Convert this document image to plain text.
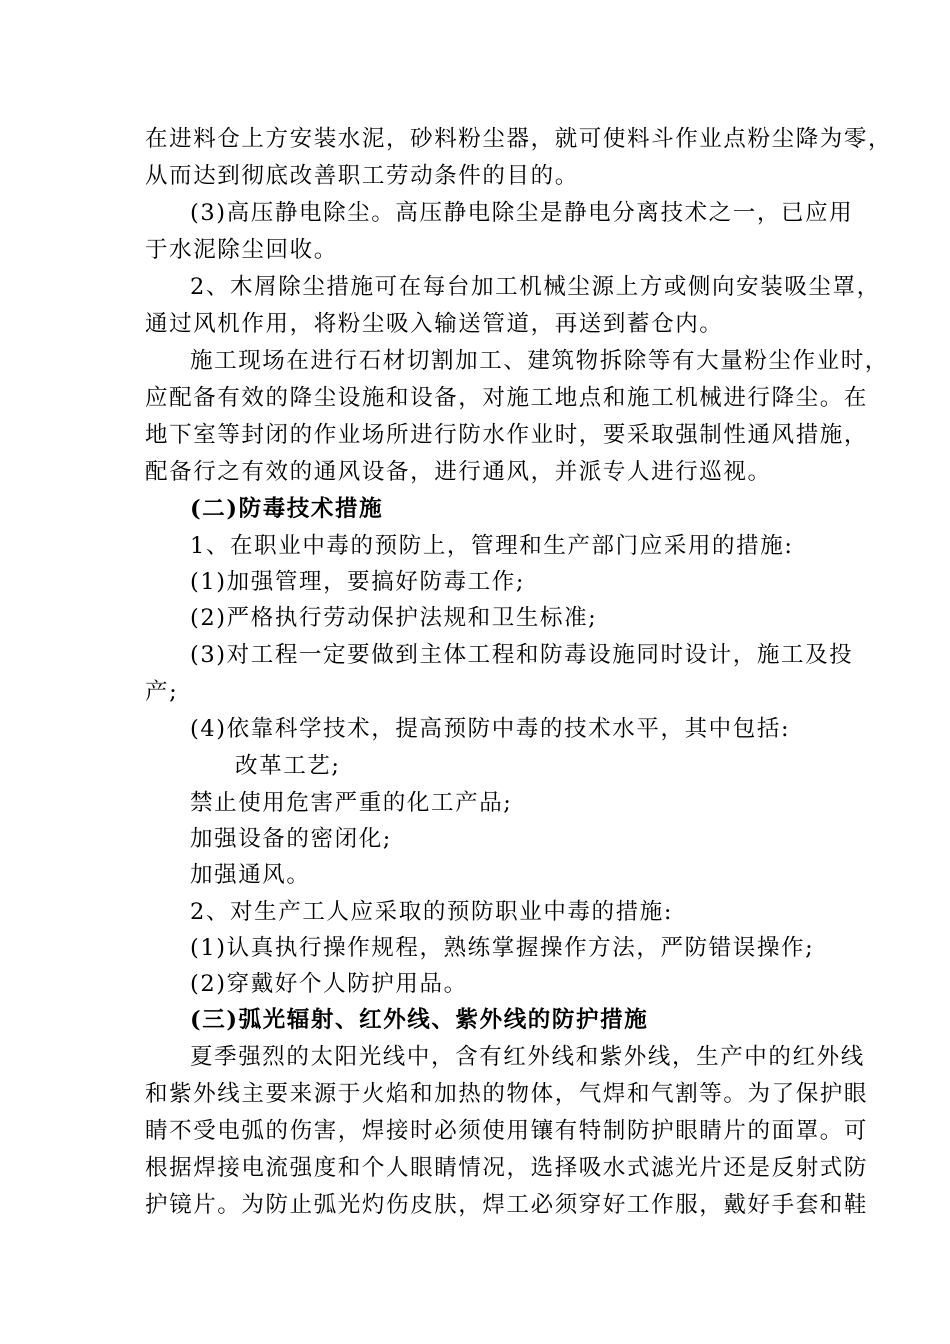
在进料仓上方安装水泥，砂料粉尘器，就可使料斗作业点粉尘降为零，
从而达到彻底改善职工劳动条件的目的。
(3)高压静电除尘。高压静电除尘是静电分离技术之一，已应用
于水泥除尘回收。
2、木屑除尘措施可在每台加工机械尘源上方或侧向安装吸尘罩，
通过风机作用，将粉尘吸入输送管道，再送到蓄仓内。
施工现场在进行石材切割加工、建筑物拆除等有大量粉尘作业时，
应配备有效的降尘设施和设备，对施工地点和施工机械进行降尘。在
地下室等封闭的作业场所进行防水作业时，要采取强制性通风措施，
配备行之有效的通风设备，进行通风，并派专人进行巡视。
(二)防毒技术措施
1、在职业中毒的预防上，管理和生产部门应采用的措施:
(1)加强管理，要搞好防毒工作;
(2)严格执行劳动保护法规和卫生标准;
(3)对工程一定要做到主体工程和防毒设施同时设计，施工及投
产;
(4)依靠科学技术，提高预防中毒的技术水平，其中包括:
改革工艺;
禁止使用危害严重的化工产品;
加强设备的密闭化;
加强通风。
2、对生产工人应采取的预防职业中毒的措施:
(1)认真执行操作规程，熟练掌握操作方法，严防错误操作;
(2)穿戴好个人防护用品。
(三)弧光辐射、红外线、紫外线的防护措施
夏季强烈的太阳光线中，含有红外线和紫外线，生产中的红外线
和紫外线主要来源于火焰和加热的物体，气焊和气割等。为了保护眼
睛不受电弧的伤害，焊接时必须使用镶有特制防护眼睛片的面罩。可
根据焊接电流强度和个人眼睛情况，选择吸水式滤光片还是反射式防
护镜片。为防止弧光灼伤皮肤，焊工必须穿好工作服，戴好手套和鞋
